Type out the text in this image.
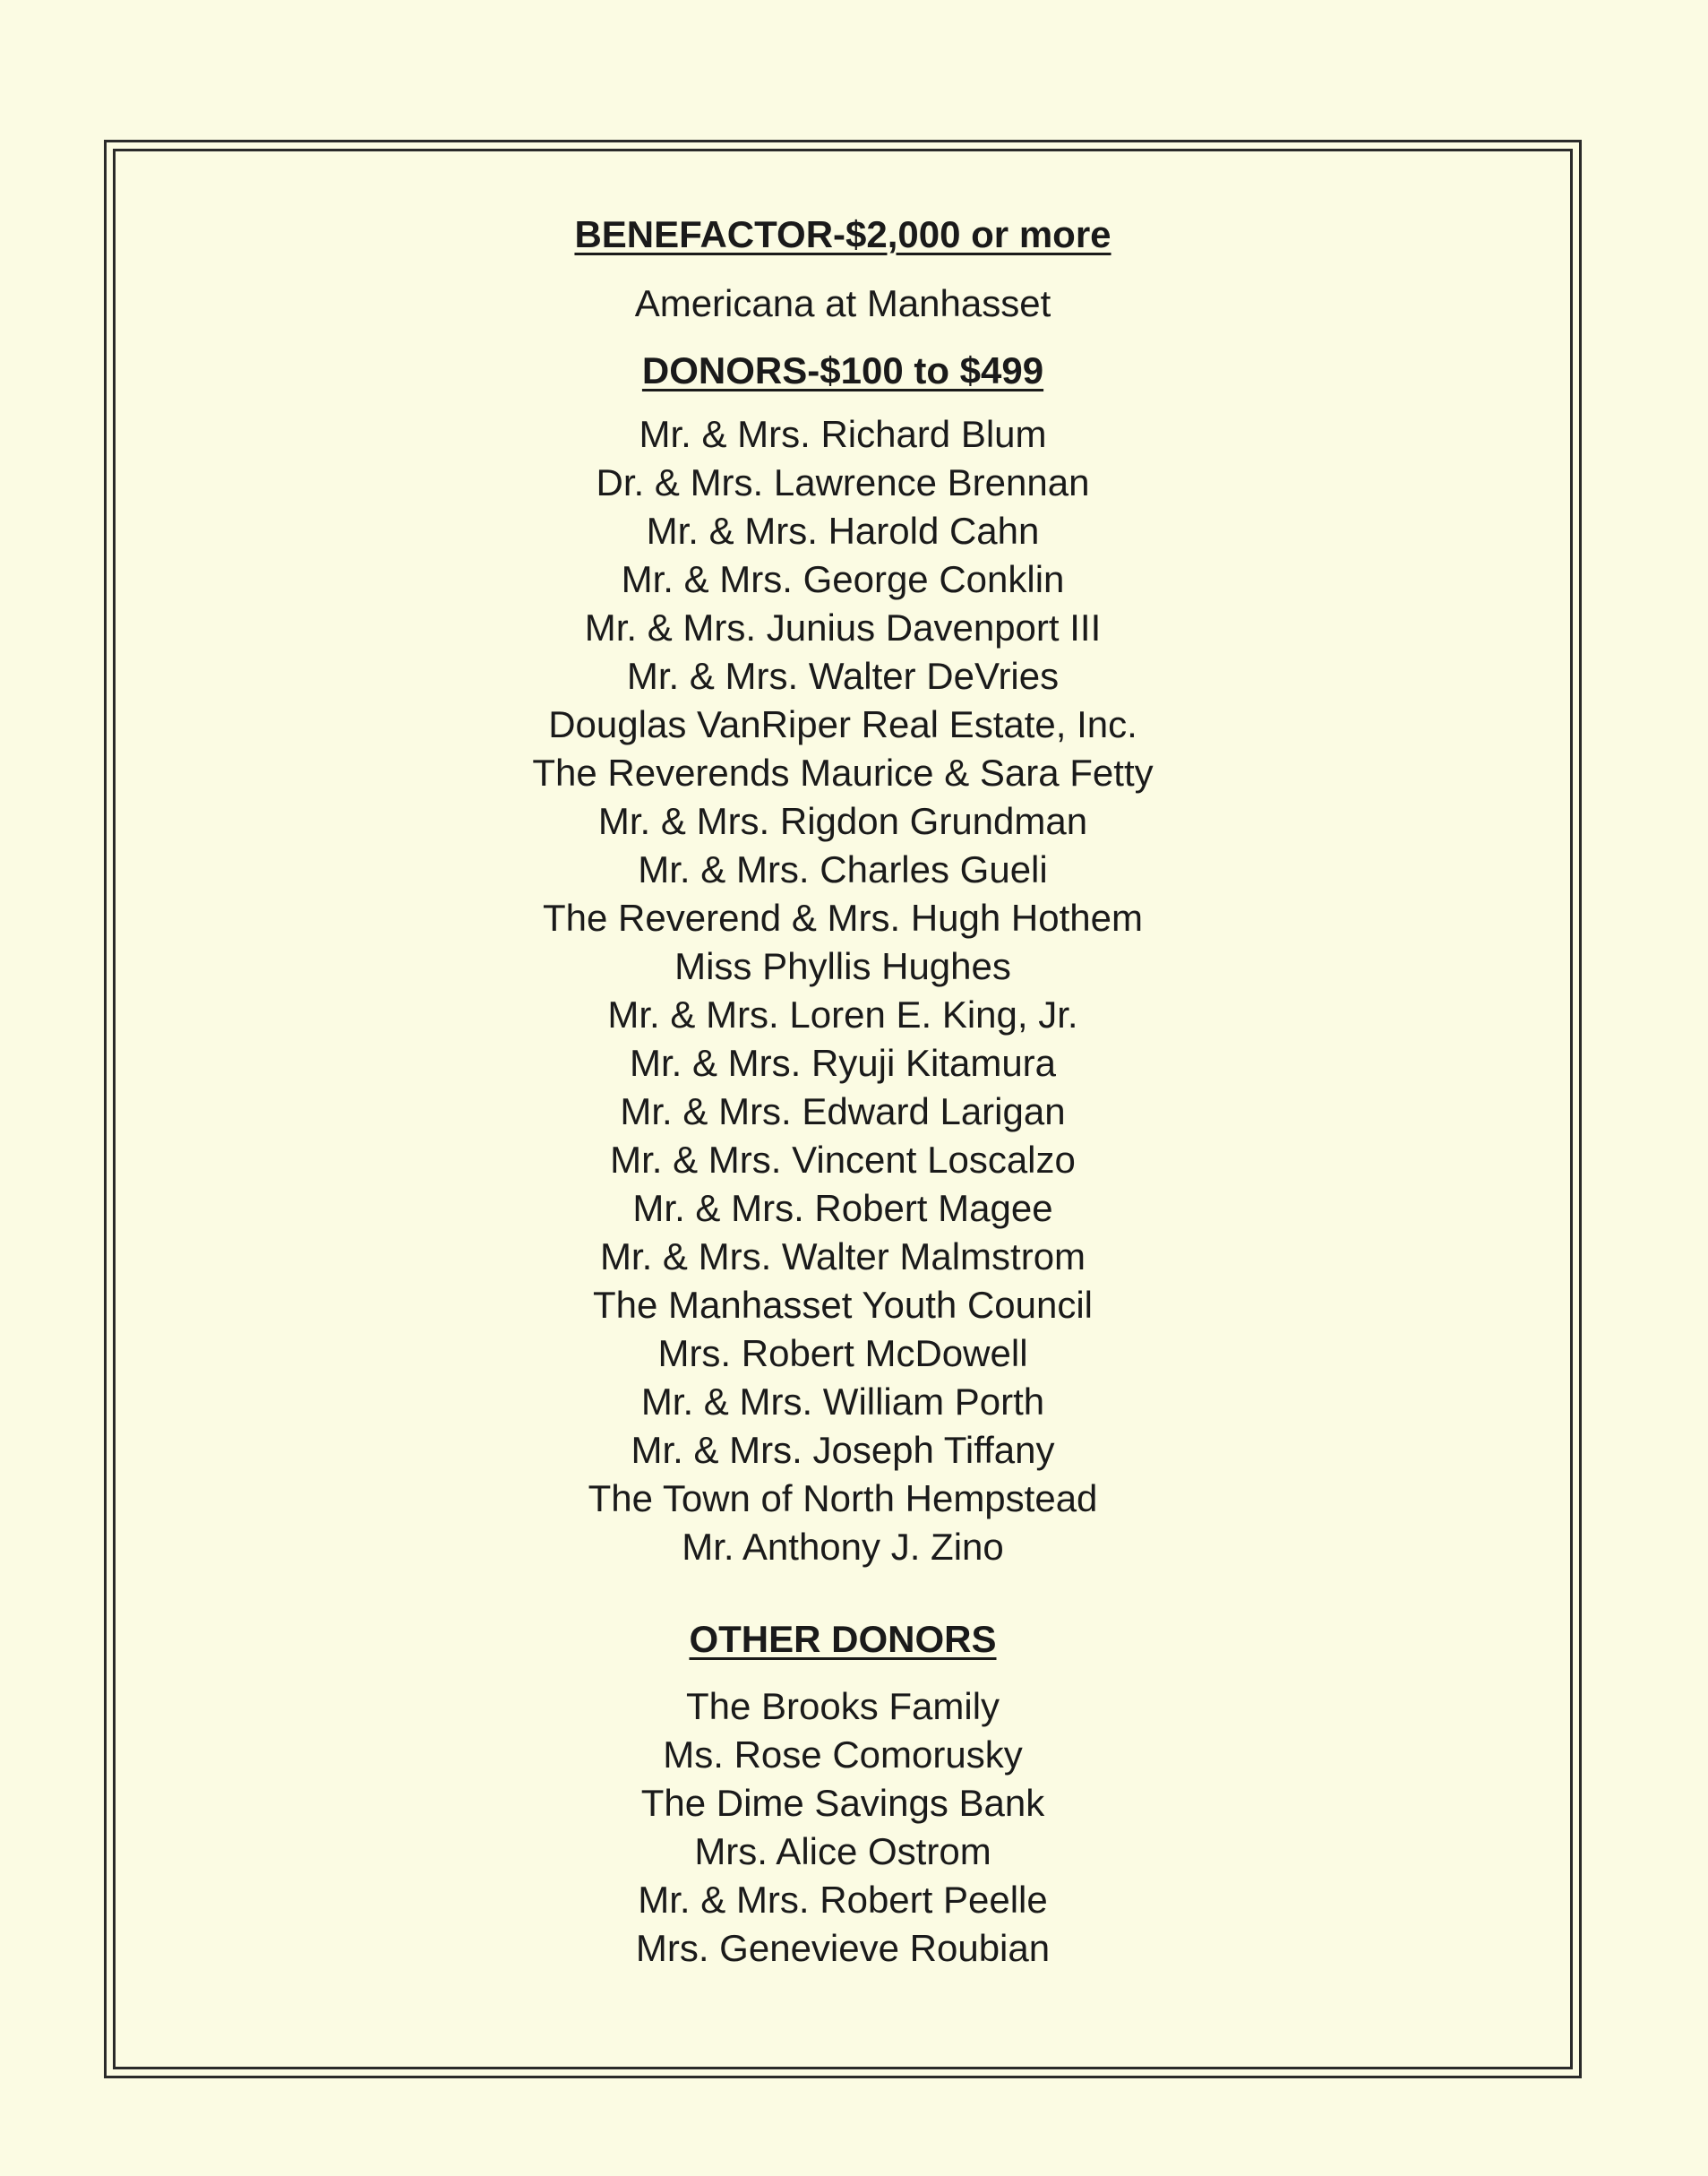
BENEFACTOR-$2,000 or more

Americana at Manhasset

DONORS-$100 to $499

Mr. & Mrs. Richard Blum

Dr. & Mrs. Lawrence Brennan

Mr. & Mrs. Harold Cahn

Mr. & Mrs. George Conklin

Mr. & Mrs. Junius Davenport III

Mr. & Mrs. Walter DeVries

Douglas VanRiper Real Estate, Inc.

The Reverends Maurice & Sara Fetty

Mr. & Mrs. Rigdon Grundman

Mr. & Mrs. Charles Gueli

The Reverend & Mrs. Hugh Hothem

Miss Phyllis Hughes

Mr. & Mrs. Loren E. King, Jr.

Mr. & Mrs. Ryuji Kitamura

Mr. & Mrs. Edward Larigan

Mr. & Mrs. Vincent Loscalzo

Mr. & Mrs. Robert Magee

Mr. & Mrs. Walter Malmstrom

The Manhasset Youth Council

Mrs. Robert McDowell

Mr. & Mrs. William Porth

Mr. & Mrs. Joseph Tiffany

The Town of North Hempstead

Mr. Anthony J. Zino

OTHER DONORS

The Brooks Family

Ms. Rose Comorusky

The Dime Savings Bank

Mrs. Alice Ostrom

Mr. & Mrs. Robert Peelle

Mrs. Genevieve Roubian
